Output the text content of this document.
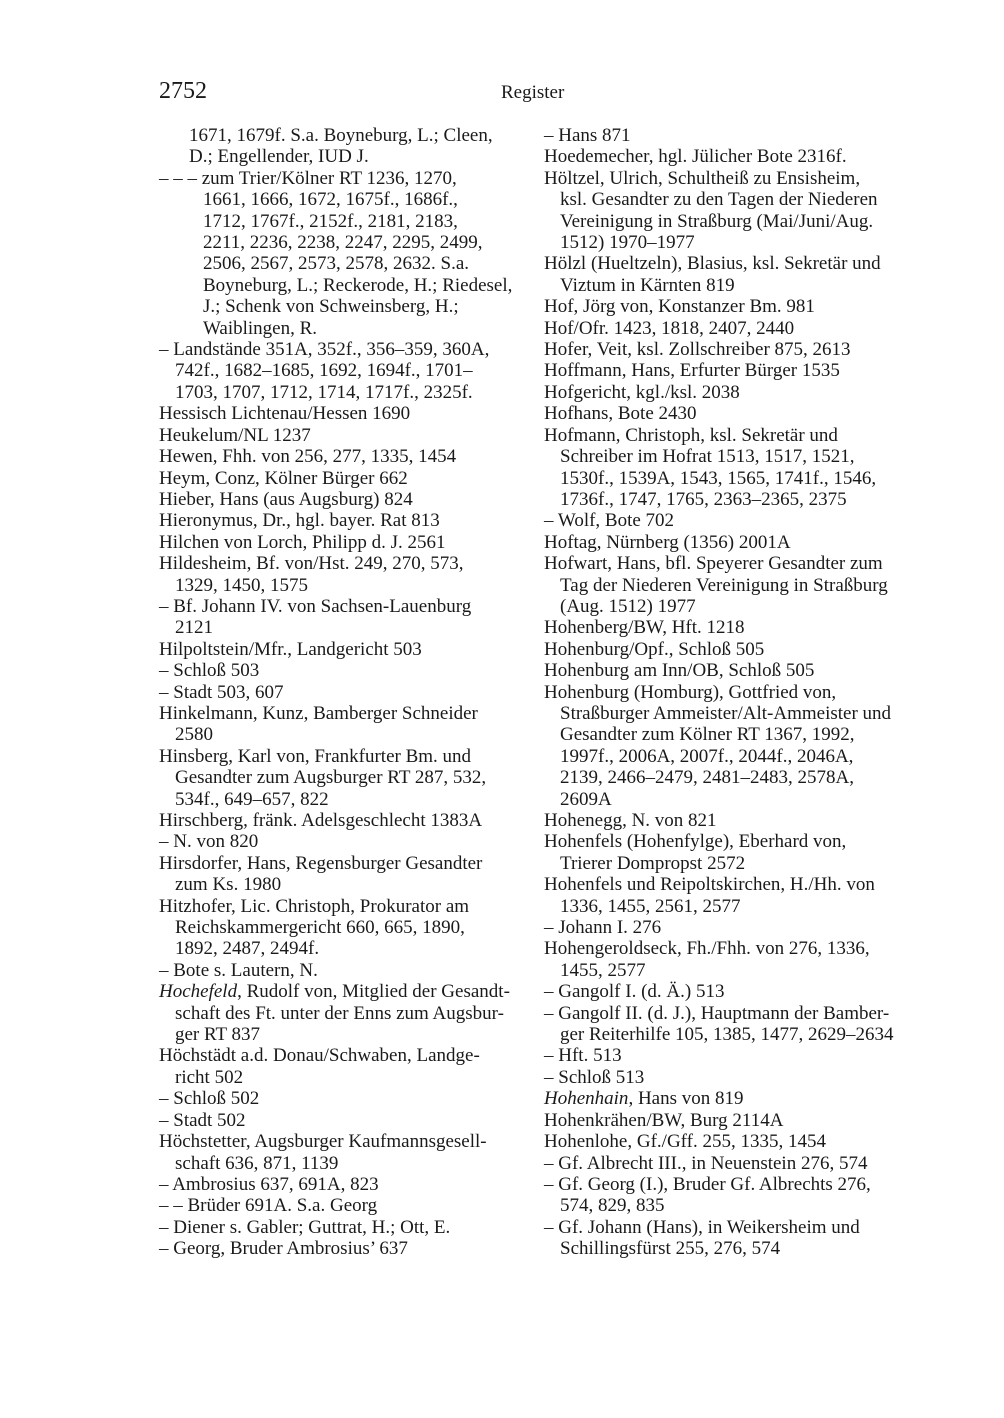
2752	Register

1671, 1679f. S.a. Boyneburg, L.; Cleen,
D.; Engellender, IUD J.

– – – zum Trier/Kölner RT 1236, 1270,
1661, 1666, 1672, 1675f., 1686f.,
1712, 1767f., 2152f., 2181, 2183,
2211, 2236, 2238, 2247, 2295, 2499,
2506, 2567, 2573, 2578, 2632. S.a.
Boyneburg, L.; Reckerode, H.; Riedesel,
J.; Schenk von Schweinsberg, H.;
Waiblingen, R.

– Landstände 351A, 352f., 356–359, 360A,
742f., 1682–1685, 1692, 1694f., 1701–
1703, 1707, 1712, 1714, 1717f., 2325f.

Hessisch Lichtenau/Hessen 1690

Heukelum/NL 1237

Hewen, Fhh. von 256, 277, 1335, 1454

Heym, Conz, Kölner Bürger 662

Hieber, Hans (aus Augsburg) 824

Hieronymus, Dr., hgl. bayer. Rat 813

Hilchen von Lorch, Philipp d. J. 2561

Hildesheim, Bf. von/Hst. 249, 270, 573,
1329, 1450, 1575

– Bf. Johann IV. von Sachsen-Lauenburg
2121

Hilpoltstein/Mfr., Landgericht 503

– Schloß 503

– Stadt 503, 607

Hinkelmann, Kunz, Bamberger Schneider
2580

Hinsberg, Karl von, Frankfurter Bm. und
Gesandter zum Augsburger RT 287, 532,
534f., 649–657, 822

Hirschberg, fränk. Adelsgeschlecht 1383A

– N. von 820

Hirsdorfer, Hans, Regensburger Gesandter
zum Ks. 1980

Hitzhofer, Lic. Christoph, Prokurator am
Reichskammergericht 660, 665, 1890,
1892, 2487, 2494f.

– Bote s. Lautern, N.

Hochefeld, Rudolf von, Mitglied der Gesandt-
schaft des Ft. unter der Enns zum Augsbur-
ger RT 837

Höchstädt a.d. Donau/Schwaben, Landge-
richt 502

– Schloß 502

– Stadt 502

Höchstetter, Augsburger Kaufmannsgesell-
schaft 636, 871, 1139

– Ambrosius 637, 691A, 823

– – Brüder 691A. S.a. Georg

– Diener s. Gabler; Guttrat, H.; Ott, E.

– Georg, Bruder Ambrosius’ 637

– Hans 871

Hoedemecher, hgl. Jülicher Bote 2316f.

Höltzel, Ulrich, Schultheiß zu Ensisheim,
ksl. Gesandter zu den Tagen der Niederen
Vereinigung in Straßburg (Mai/Juni/Aug.
1512) 1970–1977

Hölzl (Hueltzeln), Blasius, ksl. Sekretär und
Viztum in Kärnten 819

Hof, Jörg von, Konstanzer Bm. 981

Hof/Ofr. 1423, 1818, 2407, 2440

Hofer, Veit, ksl. Zollschreiber 875, 2613

Hoffmann, Hans, Erfurter Bürger 1535

Hofgericht, kgl./ksl. 2038

Hofhans, Bote 2430

Hofmann, Christoph, ksl. Sekretär und
Schreiber im Hofrat 1513, 1517, 1521,
1530f., 1539A, 1543, 1565, 1741f., 1546,
1736f., 1747, 1765, 2363–2365, 2375

– Wolf, Bote 702

Hoftag, Nürnberg (1356) 2001A

Hofwart, Hans, bfl. Speyerer Gesandter zum
Tag der Niederen Vereinigung in Straßburg
(Aug. 1512) 1977

Hohenberg/BW, Hft. 1218

Hohenburg/Opf., Schloß 505

Hohenburg am Inn/OB, Schloß 505

Hohenburg (Homburg), Gottfried von,
Straßburger Ammeister/Alt-Ammeister und
Gesandter zum Kölner RT 1367, 1992,
1997f., 2006A, 2007f., 2044f., 2046A,
2139, 2466–2479, 2481–2483, 2578A,
2609A

Hohenegg, N. von 821

Hohenfels (Hohenfylge), Eberhard von,
Trierer Dompropst 2572

Hohenfels und Reipoltskirchen, H./Hh. von
1336, 1455, 2561, 2577

– Johann I. 276

Hohengeroldseck, Fh./Fhh. von 276, 1336,
1455, 2577

– Gangolf I. (d. Ä.) 513

– Gangolf II. (d. J.), Hauptmann der Bamber-
ger Reiterhilfe 105, 1385, 1477, 2629–2634

– Hft. 513

– Schloß 513

Hohenhain, Hans von 819

Hohenkrähen/BW, Burg 2114A

Hohenlohe, Gf./Gff. 255, 1335, 1454

– Gf. Albrecht III., in Neuenstein 276, 574

– Gf. Georg (I.), Bruder Gf. Albrechts 276,
574, 829, 835

– Gf. Johann (Hans), in Weikersheim und
Schillingsfürst 255, 276, 574
